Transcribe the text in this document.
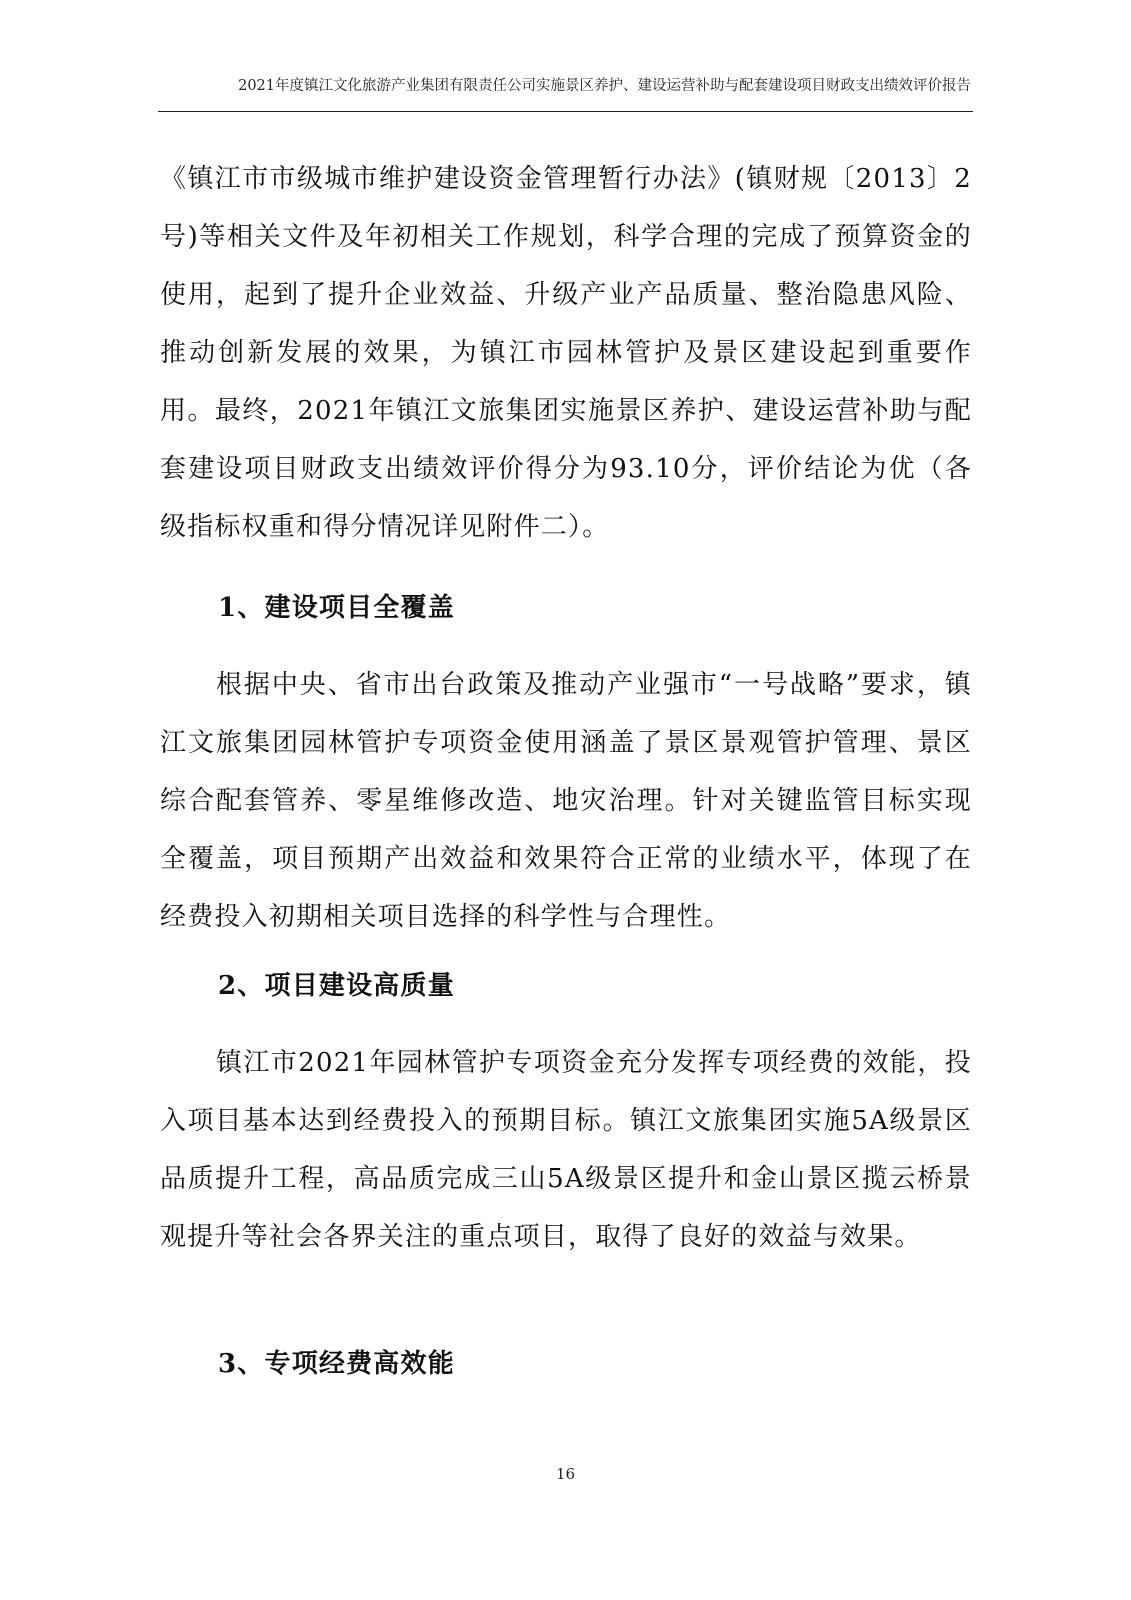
2021年度镇江文化旅游产业集团有限责任公司实施景区养护、建设运营补助与配套建设项目财政支出绩效评价报告

《镇江市市级城市维护建设资金管理暂行办法》(镇财规〔2013〕2号)等相关文件及年初相关工作规划，科学合理的完成了预算资金的使用，起到了提升企业效益、升级产业产品质量、整治隐患风险、推动创新发展的效果，为镇江市园林管护及景区建设起到重要作用。最终，2021年镇江文旅集团实施景区养护、建设运营补助与配套建设项目财政支出绩效评价得分为93.10分，评价结论为优（各级指标权重和得分情况详见附件二）。

1、建设项目全覆盖

根据中央、省市出台政策及推动产业强市“一号战略”要求，镇江文旅集团园林管护专项资金使用涵盖了景区景观管护管理、景区综合配套管养、零星维修改造、地灾治理。针对关键监管目标实现全覆盖，项目预期产出效益和效果符合正常的业绩水平，体现了在经费投入初期相关项目选择的科学性与合理性。

2、项目建设高质量

镇江市2021年园林管护专项资金充分发挥专项经费的效能，投入项目基本达到经费投入的预期目标。镇江文旅集团实施5A级景区品质提升工程，高品质完成三山5A级景区提升和金山景区揽云桥景观提升等社会各界关注的重点项目，取得了良好的效益与效果。

3、专项经费高效能
16
